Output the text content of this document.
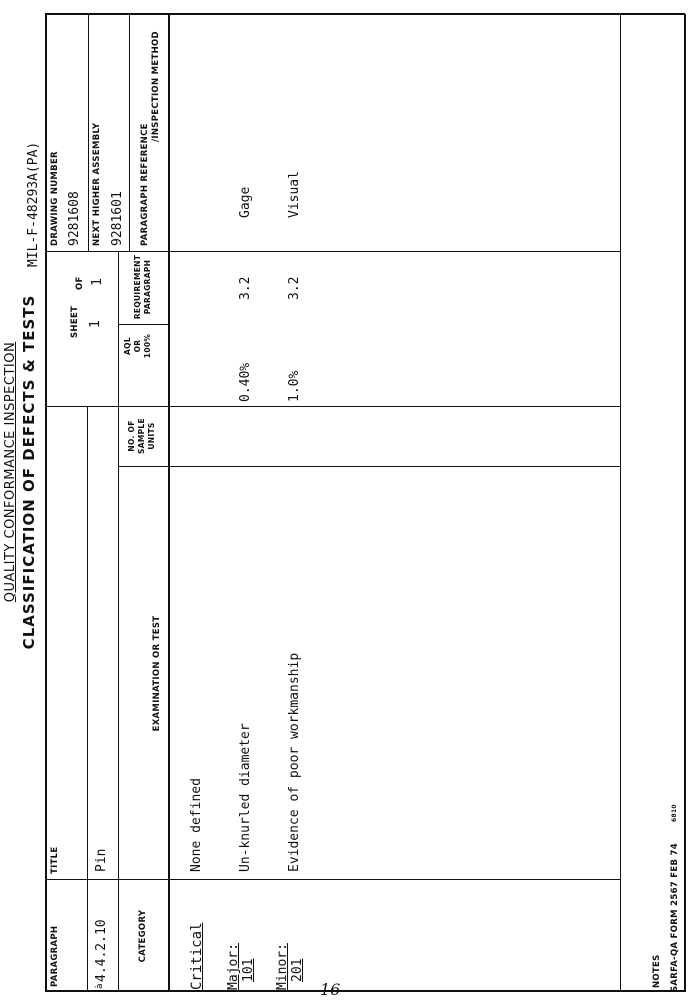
QUALITY CONFORMANCE INSPECTION CLASSIFICATION OF DEFECTS & TESTS
MIL-F-48293A(PA)
PARAGRAPH
TITLE
SHEET 1
OF 1
DRAWING NUMBER 9281608 NEXT HIGHER ASSEMBLY 9281601 PARAGRAPH REFERENCE
/INSPECTION METHOD
à
4.4.2.10
Pin
CATEGORY
EXAMINATION OR TEST
NO. OF SAMPLE UNITS
AQL OR 100%
REQUIREMENT PARAGRAPH
Critical
None defined
Major: 101
Un-knurled diameter
0.40%
3.2
Gage
Minor: 201
Evidence of poor workmanship
1.0%
3.2
Visual
NOTES SARFA-QA FORM 2567 FEB 74
6810
16
